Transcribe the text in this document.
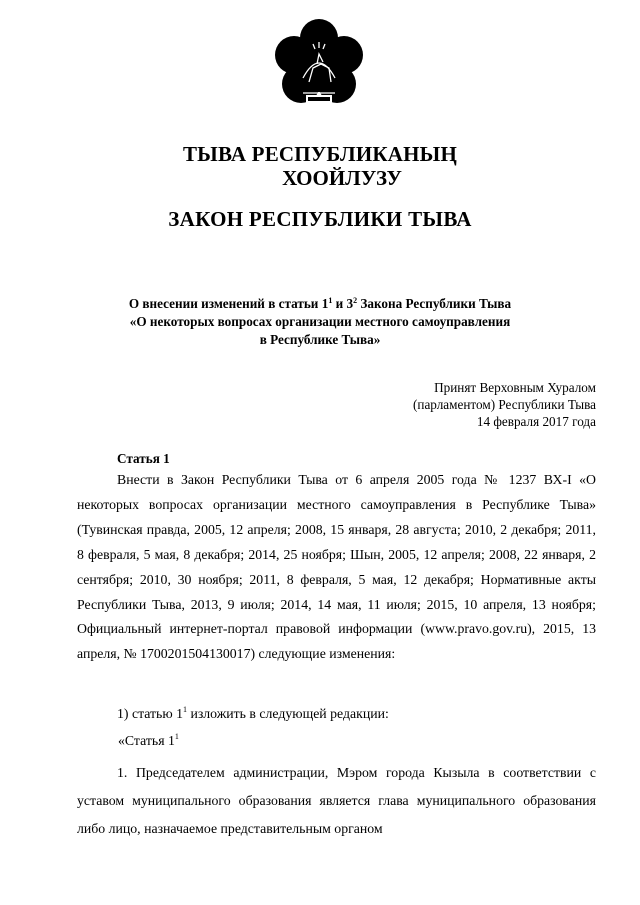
ТЫВА РЕСПУБЛИКАНЫҢ
ХООЙЛУЗУ
ЗАКОН РЕСПУБЛИКИ ТЫВА
О внесении изменений в статьи $1^1$ и $3^2$ Закона Республики Тыва
«О некоторых вопросах организации местного самоуправления
в Республике Тыва»
Принят Верховным Хуралом
(парламентом) Республики Тыва
14 февраля 2017 года
Статья 1

Внести в Закон Республики Тыва от 6 апреля 2005 года № 1237 ВХ-I «О некоторых вопросах организации местного самоуправления в Республике Тыва» (Тувинская правда, 2005, 12 апреля; 2008, 15 января, 28 августа; 2010, 2 декабря; 2011, 8 февраля, 5 мая, 8 декабря; 2014, 25 ноября; Шын, 2005, 12 апреля; 2008, 22 января, 2 сентября; 2010, 30 ноября; 2011, 8 февраля, 5 мая, 12 декабря; Нормативные акты Республики Тыва, 2013, 9 июля; 2014, 14 мая, 11 июля; 2015, 10 апреля, 13 ноября; Официальный интернет-портал правовой информации (www.pravo.gov.ru), 2015, 13 апреля, № 1700201504130017) следующие изменения:

1) статью $1^1$ изложить в следующей редакции:
«Статья $1^1$

1. Председателем администрации, Мэром города Кызыла в соответствии с уставом муниципального образования является глава муниципального образования либо лицо, назначаемое представительным органом
